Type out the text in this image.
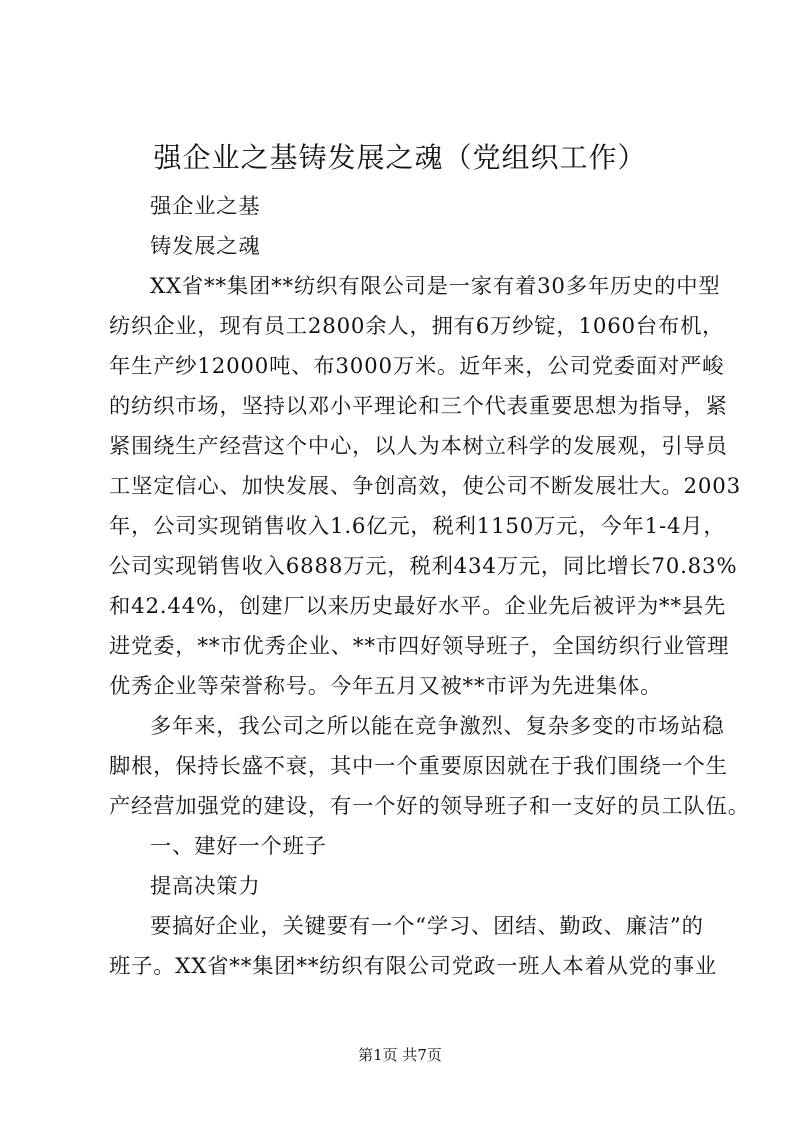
强企业之基铸发展之魂（党组织工作）
强企业之基
铸发展之魂
XX省**集团**纺织有限公司是一家有着30多年历史的中型
纺织企业，现有员工2800余人，拥有6万纱锭，1060台布机，
年生产纱12000吨、布3000万米。近年来，公司党委面对严峻
的纺织市场，坚持以邓小平理论和三个代表重要思想为指导，紧
紧围绕生产经营这个中心，以人为本树立科学的发展观，引导员
工坚定信心、加快发展、争创高效，使公司不断发展壮大。2003
年，公司实现销售收入1.6亿元，税利1150万元，今年1-4月，
公司实现销售收入6888万元，税利434万元，同比增长70.83%
和42.44%，创建厂以来历史最好水平。企业先后被评为**县先
进党委，**市优秀企业、**市四好领导班子，全国纺织行业管理
优秀企业等荣誉称号。今年五月又被**市评为先进集体。
多年来，我公司之所以能在竞争激烈、复杂多变的市场站稳
脚根，保持长盛不衰，其中一个重要原因就在于我们围绕一个生
产经营加强党的建设，有一个好的领导班子和一支好的员工队伍。
一、建好一个班子
提高决策力
要搞好企业，关键要有一个“学习、团结、勤政、廉洁”的
班子。XX省**集团**纺织有限公司党政一班人本着从党的事业
第1页 共7页
